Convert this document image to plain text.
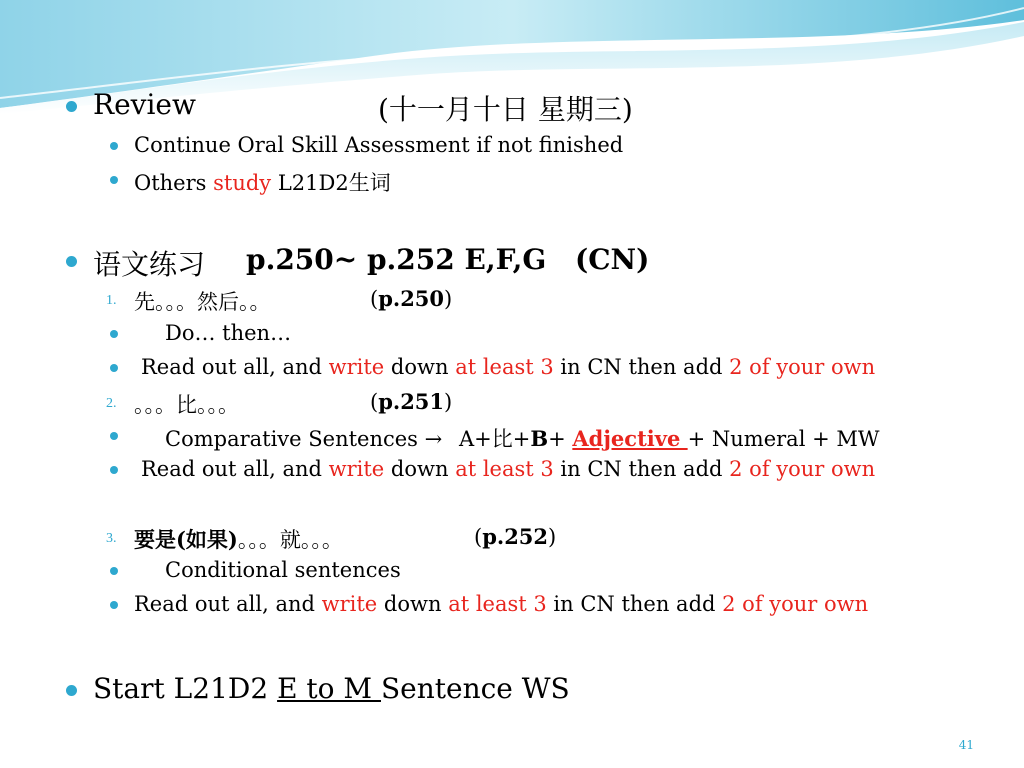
Review	(十一月十日 星期三)
Continue Oral Skill Assessment if not finished
Others study L21D2生词
语文练习 p.250~ p.252 E,F,G (CN)
1. 先。。。然后。。	(p.250)
Do… then…
Read out all, and write down at least 3 in CN then add 2 of your own
2. 。。。比。。。	(p.251)
Comparative Sentences → A+比+B+ Adjective + Numeral + MW
Read out all, and write down at least 3 in CN then add 2 of your own
3. 要是(如果)。。。就。。。	(p.252)
Conditional sentences
Read out all, and write down at least 3 in CN then add 2 of your own
Start L21D2 E to M Sentence WS
41
